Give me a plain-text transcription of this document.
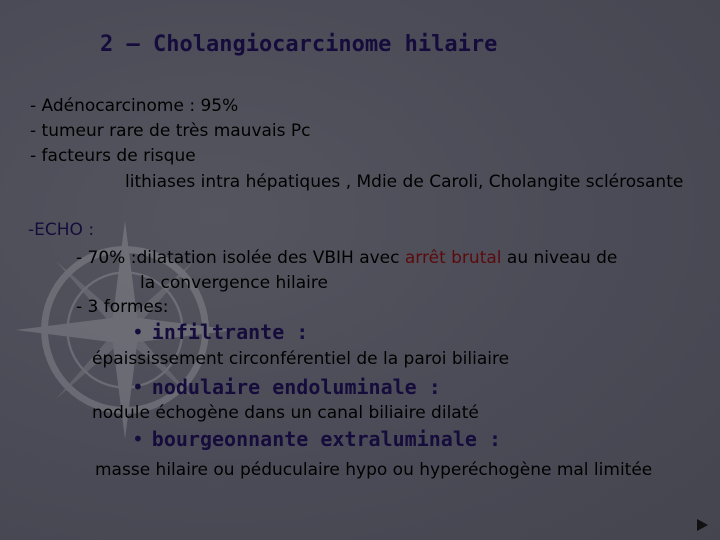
2 – Cholangiocarcinome hilaire
- Adénocarcinome : 95%
- tumeur rare de très mauvais Pc
- facteurs de risque
lithiases intra hépatiques , Mdie de Caroli, Cholangite sclérosante
-ECHO :
- 70% :dilatation isolée des VBIH avec arrêt brutal au niveau de
la convergence hilaire
- 3 formes:
• infiltrante :
épaississement circonférentiel de la paroi biliaire
• nodulaire endoluminale :
nodule échogène dans un canal biliaire dilaté
• bourgeonnante extraluminale :
masse hilaire ou péduculaire hypo ou hyperéchogène mal limitée
